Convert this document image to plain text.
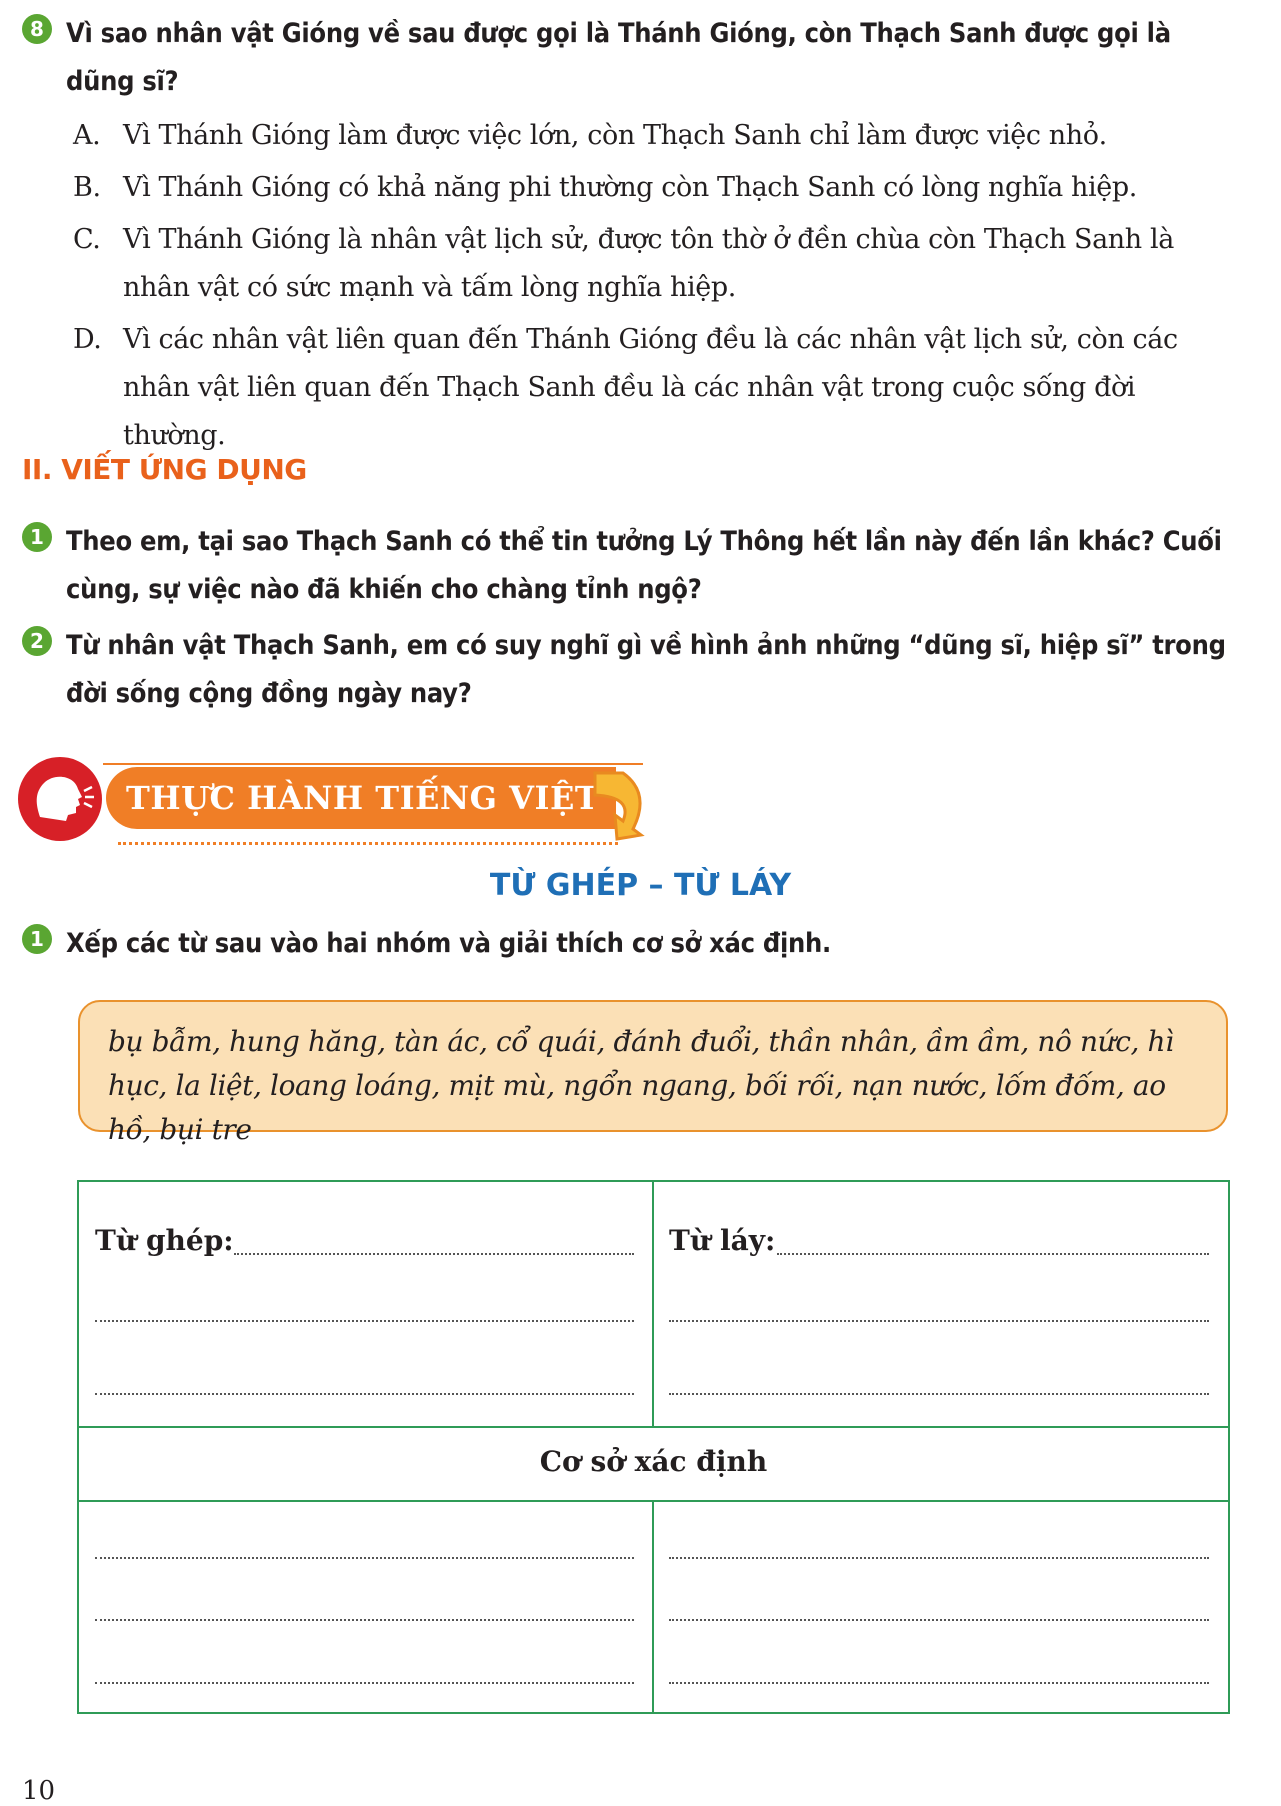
8 Vì sao nhân vật Gióng về sau được gọi là Thánh Gióng, còn Thạch Sanh được gọi là dũng sĩ?
A. Vì Thánh Gióng làm được việc lớn, còn Thạch Sanh chỉ làm được việc nhỏ.
B. Vì Thánh Gióng có khả năng phi thường còn Thạch Sanh có lòng nghĩa hiệp.
C. Vì Thánh Gióng là nhân vật lịch sử, được tôn thờ ở đền chùa còn Thạch Sanh là nhân vật có sức mạnh và tấm lòng nghĩa hiệp.
D. Vì các nhân vật liên quan đến Thánh Gióng đều là các nhân vật lịch sử, còn các nhân vật liên quan đến Thạch Sanh đều là các nhân vật trong cuộc sống đời thường.
II. VIẾT ỨNG DỤNG
1 Theo em, tại sao Thạch Sanh có thể tin tưởng Lý Thông hết lần này đến lần khác? Cuối cùng, sự việc nào đã khiến cho chàng tỉnh ngộ?
2 Từ nhân vật Thạch Sanh, em có suy nghĩ gì về hình ảnh những “dũng sĩ, hiệp sĩ” trong đời sống cộng đồng ngày nay?
THỰC HÀNH TIẾNG VIỆT
TỪ GHÉP – TỪ LÁY
1 Xếp các từ sau vào hai nhóm và giải thích cơ sở xác định.
bụ bẫm, hung hăng, tàn ác, cổ quái, đánh đuổi, thần nhân, ầm ầm, nô nức, hì hục, la liệt, loang loáng, mịt mù, ngổn ngang, bối rối, nạn nước, lốm đốm, ao hồ, bụi tre
Từ ghép:	Từ láy:
Cơ sở xác định
10
